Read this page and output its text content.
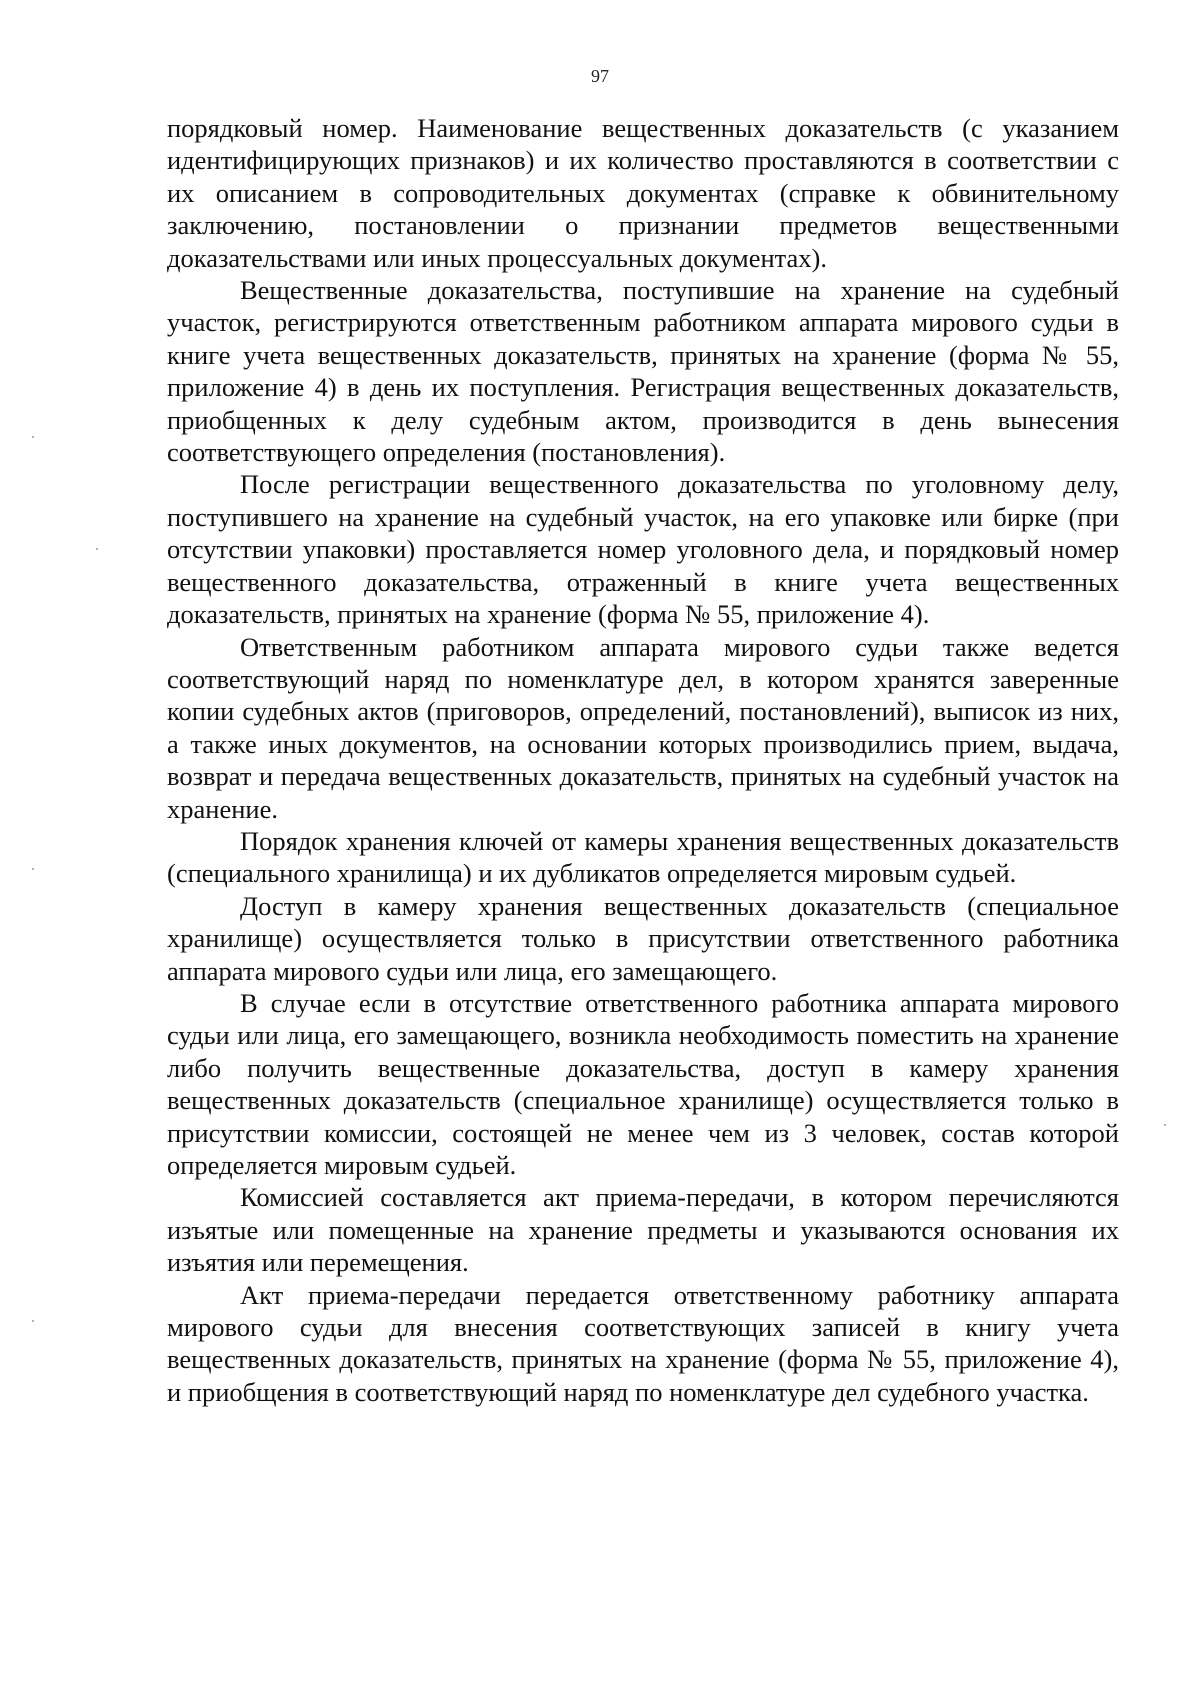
97

порядковый номер. Наименование вещественных доказательств (с указанием идентифицирующих признаков) и их количество проставляются в соответствии с их описанием в сопроводительных документах (справке к обвинительному заключению, постановлении о признании предметов вещественными доказательствами или иных процессуальных документах).

Вещественные доказательства, поступившие на хранение на судебный участок, регистрируются ответственным работником аппарата мирового судьи в книге учета вещественных доказательств, принятых на хранение (форма № 55, приложение 4) в день их поступления. Регистрация вещественных доказательств, приобщенных к делу судебным актом, производится в день вынесения соответствующего определения (постановления).

После регистрации вещественного доказательства по уголовному делу, поступившего на хранение на судебный участок, на его упаковке или бирке (при отсутствии упаковки) проставляется номер уголовного дела, и порядковый номер вещественного доказательства, отраженный в книге учета вещественных доказательств, принятых на хранение (форма № 55, приложение 4).

Ответственным работником аппарата мирового судьи также ведется соответствующий наряд по номенклатуре дел, в котором хранятся заверенные копии судебных актов (приговоров, определений, постановлений), выписок из них, а также иных документов, на основании которых производились прием, выдача, возврат и передача вещественных доказательств, принятых на судебный участок на хранение.

Порядок хранения ключей от камеры хранения вещественных доказательств (специального хранилища) и их дубликатов определяется мировым судьей.

Доступ в камеру хранения вещественных доказательств (специальное хранилище) осуществляется только в присутствии ответственного работника аппарата мирового судьи или лица, его замещающего.

В случае если в отсутствие ответственного работника аппарата мирового судьи или лица, его замещающего, возникла необходимость поместить на хранение либо получить вещественные доказательства, доступ в камеру хранения вещественных доказательств (специальное хранилище) осуществляется только в присутствии комиссии, состоящей не менее чем из 3 человек, состав которой определяется мировым судьей.

Комиссией составляется акт приема-передачи, в котором перечисляются изъятые или помещенные на хранение предметы и указываются основания их изъятия или перемещения.

Акт приема-передачи передается ответственному работнику аппарата мирового судьи для внесения соответствующих записей в книгу учета вещественных доказательств, принятых на хранение (форма № 55, приложение 4), и приобщения в соответствующий наряд по номенклатуре дел судебного участка.
